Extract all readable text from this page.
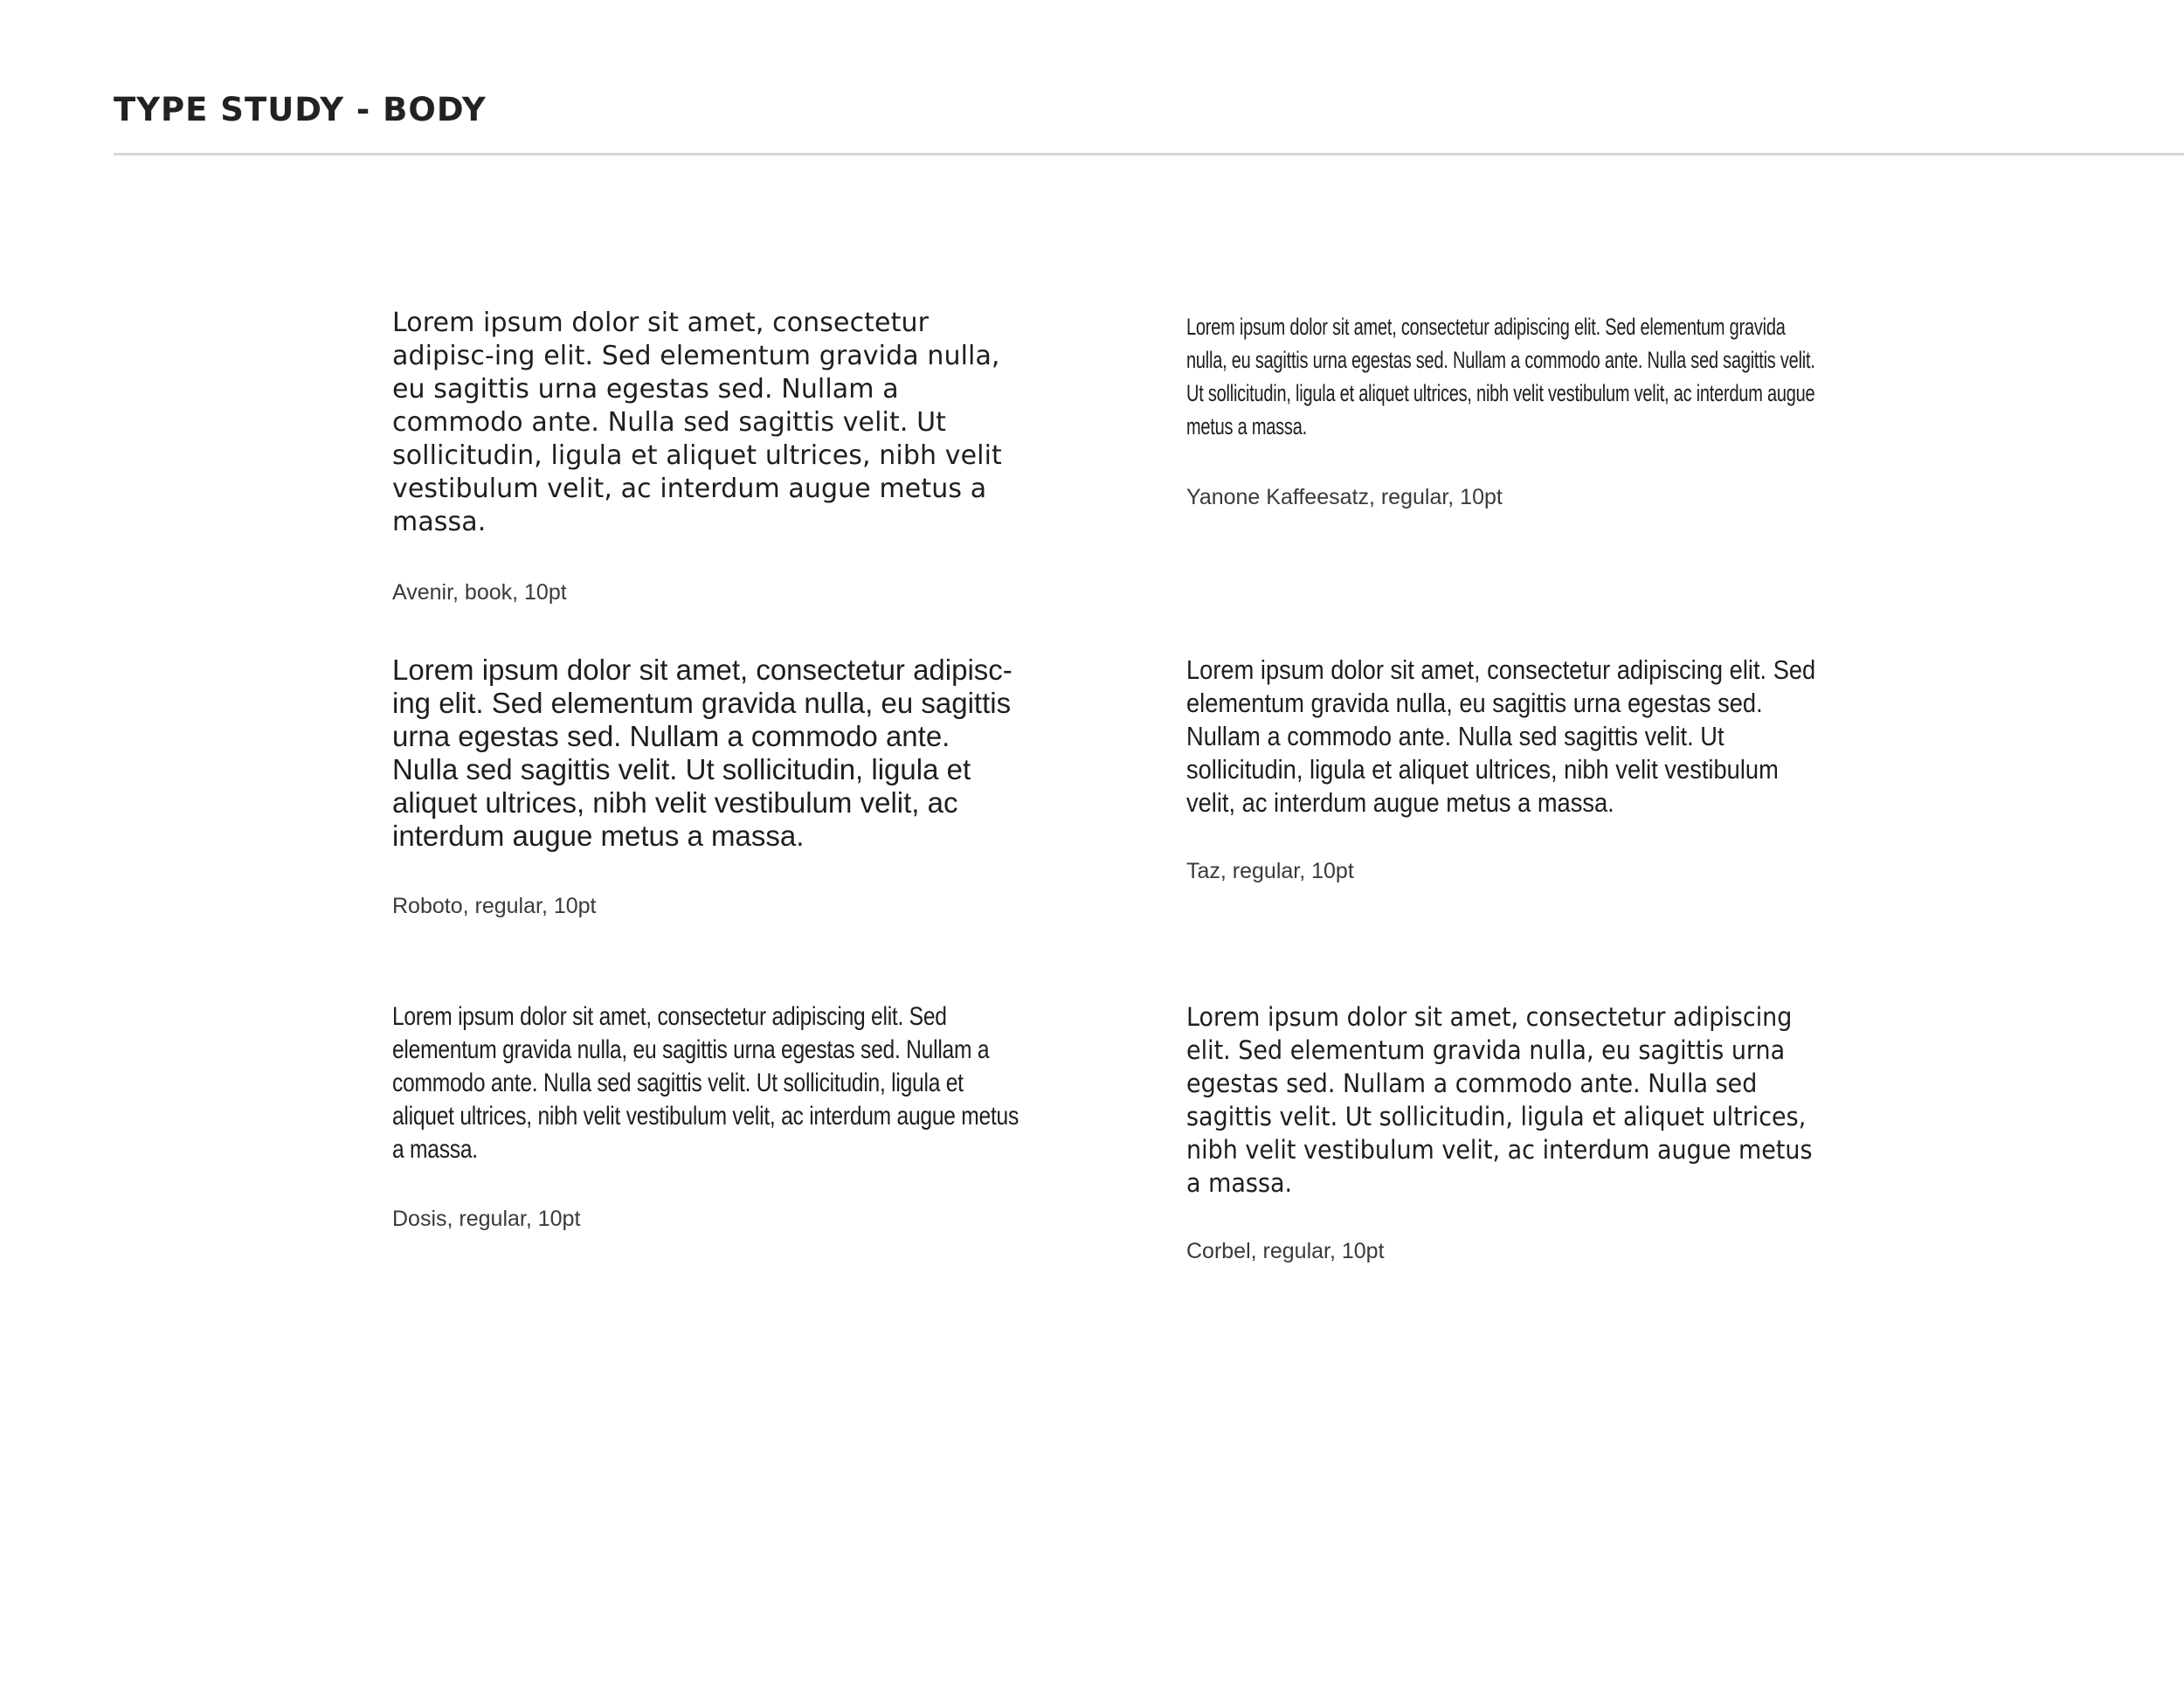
TYPE STUDY - BODY

Lorem ipsum dolor sit amet, consectetur adipisc-ing elit. Sed elementum gravida nulla, eu sagittis urna egestas sed. Nullam a commodo ante. Nulla sed sagittis velit. Ut sollicitudin, ligula et aliquet ultrices, nibh velit vestibulum velit, ac interdum augue metus a massa.

Avenir, book, 10pt

Lorem ipsum dolor sit amet, consectetur adipiscing elit. Sed elementum gravida nulla, eu sagittis urna egestas sed. Nullam a commodo ante. Nulla sed sagittis velit. Ut sollicitudin, ligula et aliquet ultrices, nibh velit vestibulum velit, ac interdum augue metus a massa.

Yanone Kaffeesatz, regular, 10pt

Lorem ipsum dolor sit amet, consectetur adipisc-ing elit. Sed elementum gravida nulla, eu sagittis urna egestas sed. Nullam a commodo ante. Nulla sed sagittis velit. Ut sollicitudin, ligula et aliquet ultrices, nibh velit vestibulum velit, ac interdum augue metus a massa.

Roboto, regular, 10pt

Lorem ipsum dolor sit amet, consectetur adipiscing elit. Sed elementum gravida nulla, eu sagittis urna egestas sed. Nullam a commodo ante. Nulla sed sagittis velit. Ut sollicitudin, ligula et aliquet ultrices, nibh velit vestibulum velit, ac interdum augue metus a massa.

Taz, regular, 10pt

Lorem ipsum dolor sit amet, consectetur adipiscing elit. Sed elementum gravida nulla, eu sagittis urna egestas sed. Nullam a commodo ante. Nulla sed sagittis velit. Ut sollicitudin, ligula et aliquet ultrices, nibh velit vestibulum velit, ac interdum augue metus a massa.

Dosis, regular, 10pt

Lorem ipsum dolor sit amet, consectetur adipiscing elit. Sed elementum gravida nulla, eu sagittis urna egestas sed. Nullam a commodo ante. Nulla sed sagittis velit. Ut sollicitudin, ligula et aliquet ultrices, nibh velit vestibulum velit, ac interdum augue metus a massa.

Corbel, regular, 10pt
